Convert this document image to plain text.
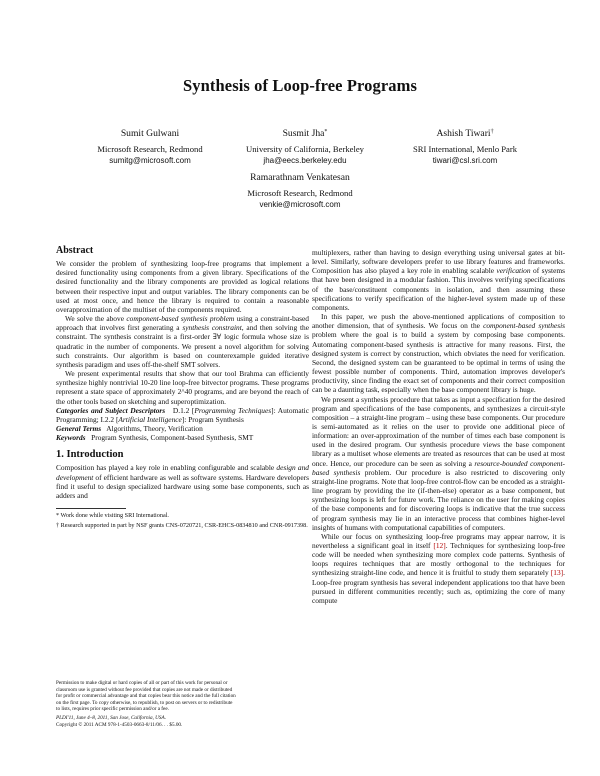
Synthesis of Loop-free Programs
Sumit Gulwani
Microsoft Research, Redmond
sumitg@microsoft.com
Susmit Jha*
University of California, Berkeley
jha@eecs.berkeley.edu
Ashish Tiwari†
SRI International, Menlo Park
tiwari@csl.sri.com
Ramarathnam Venkatesan
Microsoft Research, Redmond
venkie@microsoft.com
Abstract

We consider the problem of synthesizing loop-free programs that implement a desired functionality using components from a given library. Specifications of the desired functionality and the library components are provided as logical relations between their respective input and output variables. The library components can be used at most once, and hence the library is required to contain a reasonable overapproximation of the multiset of the components required.

We solve the above component-based synthesis problem using a constraint-based approach that involves first generating a synthesis constraint, and then solving the constraint. The synthesis constraint is a first-order ∃∀ logic formula whose size is quadratic in the number of components. We present a novel algorithm for solving such constraints. Our algorithm is based on counterexample guided iterative synthesis paradigm and uses off-the-shelf SMT solvers.

We present experimental results that show that our tool Brahma can efficiently synthesize highly nontrivial 10-20 line loop-free bitvector programs. These programs represent a state space of approximately 2^40 programs, and are beyond the reach of the other tools based on sketching and superoptimization.

Categories and Subject Descriptors D.1.2 [Programming Techniques]: Automatic Programming; I.2.2 [Artificial Intelligence]: Program Synthesis

General Terms Algorithms, Theory, Verification

Keywords Program Synthesis, Component-based Synthesis, SMT

1. Introduction

Composition has played a key role in enabling configurable and scalable design and development of efficient hardware as well as software systems. Hardware developers find it useful to design specialized hardware using some base components, such as adders and

* Work done while visiting SRI International.
† Research supported in part by NSF grants CNS-0720721, CSR-EHCS-0834810 and CNR-0917398.
Permission to make digital or hard copies of all or part of this work for personal or
classroom use is granted without fee provided that copies are not made or distributed
for profit or commercial advantage and that copies bear this notice and the full citation
on the first page. To copy otherwise, to republish, to post on servers or to redistribute
to lists, requires prior specific permission and/or a fee.
PLDI'11, June 4–8, 2011, San Jose, California, USA.
Copyright © 2011 ACM 978-1-4503-0663-8/11/06. . . $5.00.

multiplexers, rather than having to design everything using universal gates at bit-level. Similarly, software developers prefer to use library features and frameworks. Composition has also played a key role in enabling scalable verification of systems that have been designed in a modular fashion. This involves verifying specifications of the base/constituent components in isolation, and then assuming these specifications to verify specification of the higher-level system made up of these components.

In this paper, we push the above-mentioned applications of composition to another dimension, that of synthesis. We focus on the component-based synthesis problem where the goal is to build a system by composing base components. Automating component-based synthesis is attractive for many reasons. First, the designed system is correct by construction, which obviates the need for verification. Second, the designed system can be guaranteed to be optimal in terms of using the fewest possible number of components. Third, automation improves developer's productivity, since finding the exact set of components and their correct composition can be a daunting task, especially when the base component library is huge.

We present a synthesis procedure that takes as input a specification for the desired program and specifications of the base components, and synthesizes a circuit-style composition – a straight-line program – using these base components. Our procedure is semi-automated as it relies on the user to provide one additional piece of information: an over-approximation of the number of times each base component is used in the desired program. Our synthesis procedure views the base component library as a multiset whose elements are treated as resources that can be used at most once. Hence, our procedure can be seen as solving a resource-bounded component-based synthesis problem. Our procedure is also restricted to discovering only straight-line programs. Note that loop-free control-flow can be encoded as a straight-line program by providing the ite (if-then-else) operator as a base component, but synthesizing loops is left for future work. The reliance on the user for making copies of the base components and for discovering loops is indicative that the true success of program synthesis may lie in an interactive process that combines higher-level insights of humans with computational capabilities of computers.

While our focus on synthesizing loop-free programs may appear narrow, it is nevertheless a significant goal in itself [12]. Techniques for synthesizing loop-free code will be needed when synthesizing more complex code patterns. Synthesis of loops requires techniques that are mostly orthogonal to the techniques for synthesizing straight-line code, and hence it is fruitful to study them separately [13]. Loop-free program synthesis has several independent applications too that have been pursued in different communities recently; such as, optimizing the core of many compute
